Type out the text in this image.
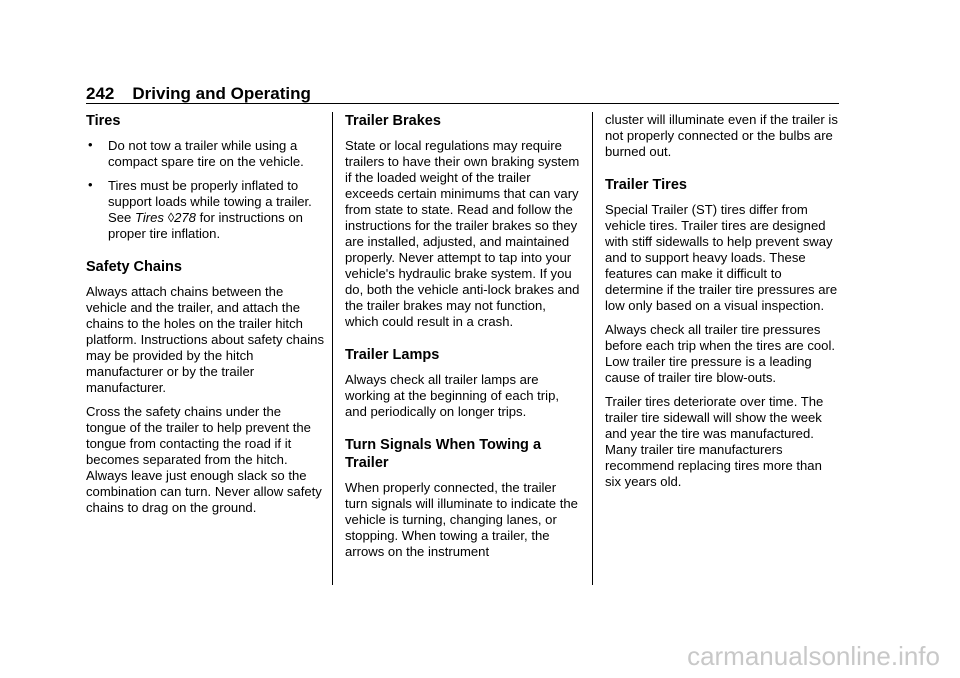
242 Driving and Operating
Tires

• Do not tow a trailer while using a compact spare tire on the vehicle.

• Tires must be properly inflated to support loads while towing a trailer. See Tires ◊278 for instructions on proper tire inflation.

Safety Chains

Always attach chains between the vehicle and the trailer, and attach the chains to the holes on the trailer hitch platform. Instructions about safety chains may be provided by the hitch manufacturer or by the trailer manufacturer.

Cross the safety chains under the tongue of the trailer to help prevent the tongue from contacting the road if it becomes separated from the hitch. Always leave just enough slack so the combination can turn. Never allow safety chains to drag on the ground.

Trailer Brakes

State or local regulations may require trailers to have their own braking system if the loaded weight of the trailer exceeds certain minimums that can vary from state to state. Read and follow the instructions for the trailer brakes so they are installed, adjusted, and maintained properly. Never attempt to tap into your vehicle's hydraulic brake system. If you do, both the vehicle anti-lock brakes and the trailer brakes may not function, which could result in a crash.

Trailer Lamps

Always check all trailer lamps are working at the beginning of each trip, and periodically on longer trips.

Turn Signals When Towing a Trailer

When properly connected, the trailer turn signals will illuminate to indicate the vehicle is turning, changing lanes, or stopping. When towing a trailer, the arrows on the instrument

cluster will illuminate even if the trailer is not properly connected or the bulbs are burned out.

Trailer Tires

Special Trailer (ST) tires differ from vehicle tires. Trailer tires are designed with stiff sidewalls to help prevent sway and to support heavy loads. These features can make it difficult to determine if the trailer tire pressures are low only based on a visual inspection.

Always check all trailer tire pressures before each trip when the tires are cool. Low trailer tire pressure is a leading cause of trailer tire blow-outs.

Trailer tires deteriorate over time. The trailer tire sidewall will show the week and year the tire was manufactured. Many trailer tire manufacturers recommend replacing tires more than six years old.

carmanualsonline.info
